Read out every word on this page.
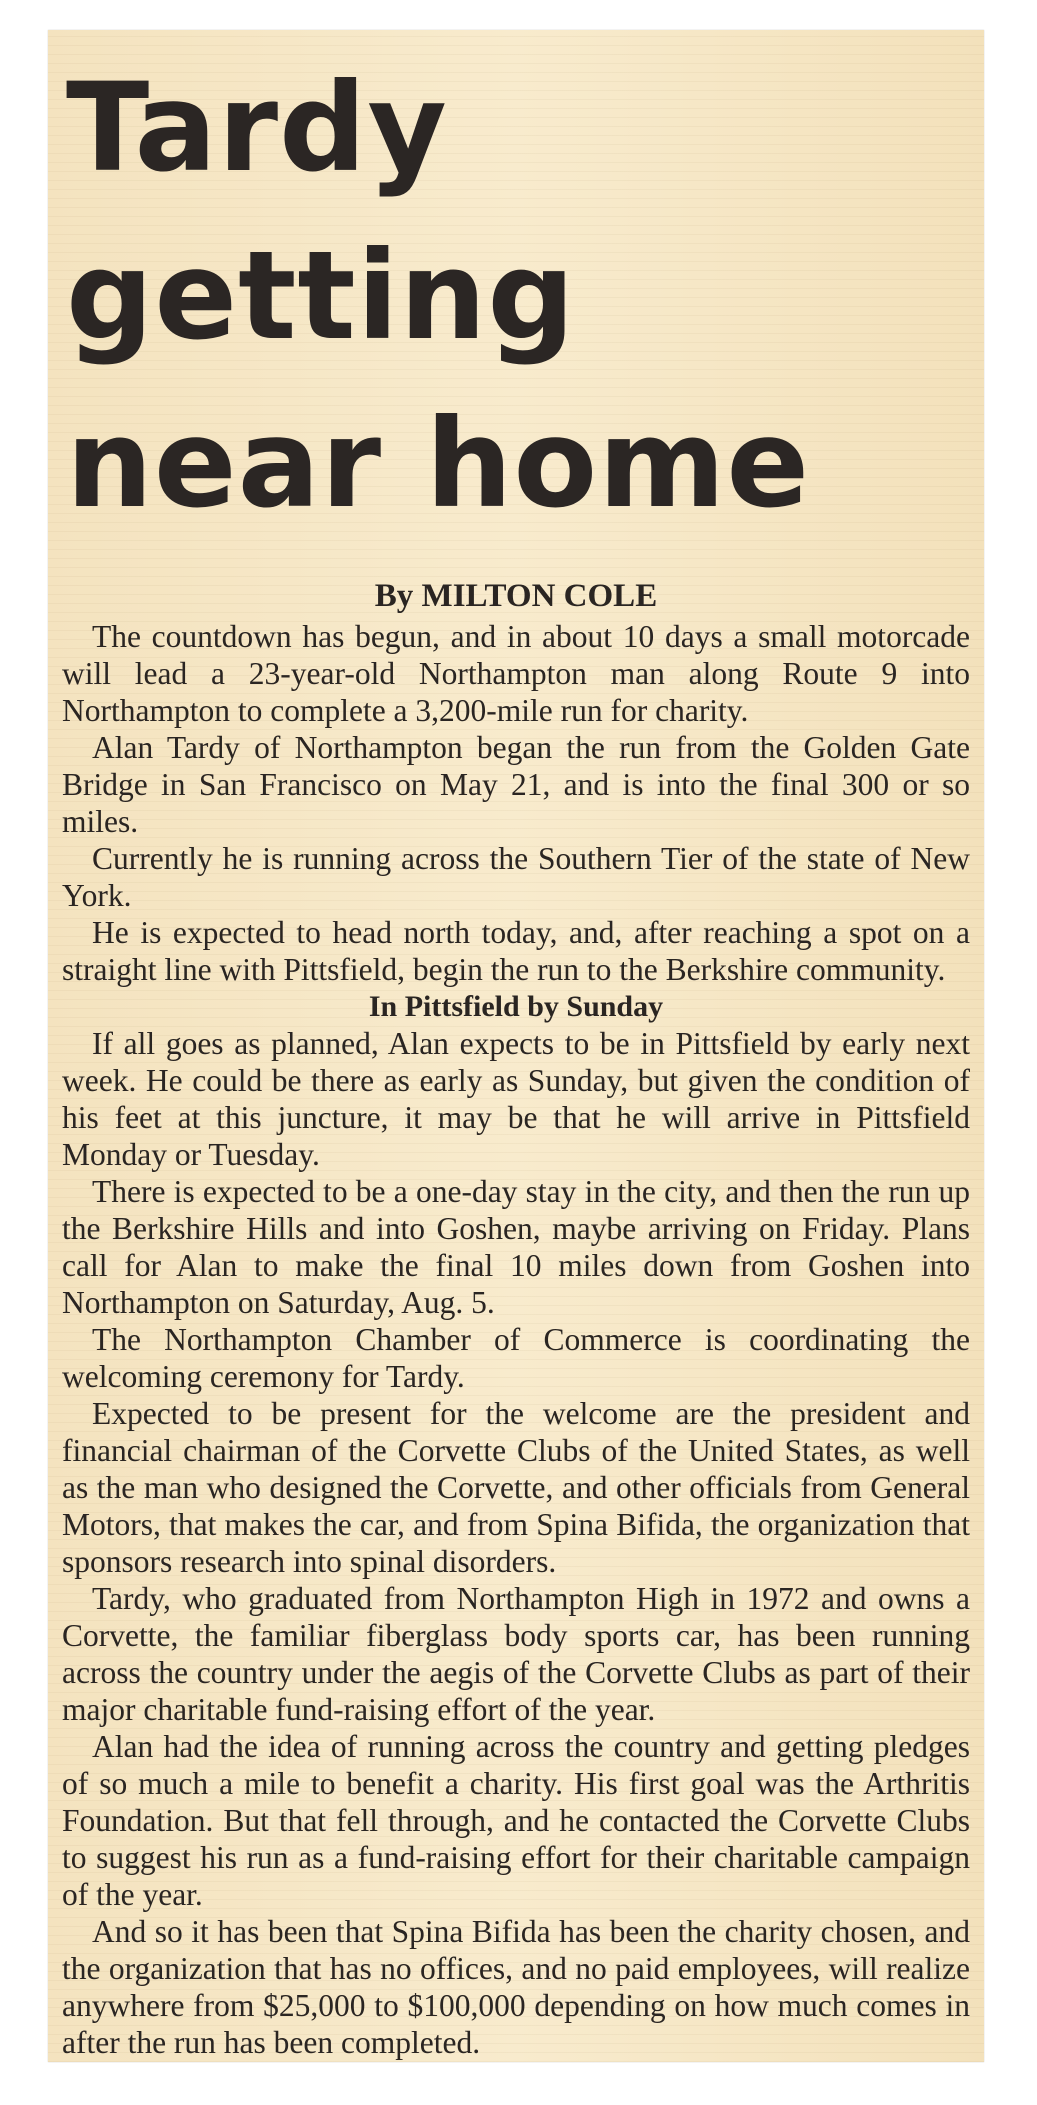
Tardy getting
near home
By MILTON COLE

The countdown has begun, and in about 10 days a small motorcade will lead a 23-year-old Northampton man along Route 9 into Northampton to complete a 3,200-mile run for charity.

Alan Tardy of Northampton began the run from the Golden Gate Bridge in San Francisco on May 21, and is into the final 300 or so miles.

Currently he is running across the Southern Tier of the state of New York.

He is expected to head north today, and, after reaching a spot on a straight line with Pittsfield, begin the run to the Berkshire community.

In Pittsfield by Sunday

If all goes as planned, Alan expects to be in Pittsfield by early next week. He could be there as early as Sunday, but given the condition of his feet at this juncture, it may be that he will arrive in Pittsfield Monday or Tuesday.

There is expected to be a one-day stay in the city, and then the run up the Berkshire Hills and into Goshen, maybe arriving on Friday. Plans call for Alan to make the final 10 miles down from Goshen into Northampton on Saturday, Aug. 5.

The Northampton Chamber of Commerce is coordinating the welcoming ceremony for Tardy.

Expected to be present for the welcome are the president and financial chairman of the Corvette Clubs of the United States, as well as the man who designed the Corvette, and other officials from General Motors, that makes the car, and from Spina Bifida, the organization that sponsors research into spinal disorders.

Tardy, who graduated from Northampton High in 1972 and owns a Corvette, the familiar fiberglass body sports car, has been running across the country under the aegis of the Corvette Clubs as part of their major charitable fund-raising effort of the year.

Alan had the idea of running across the country and getting pledges of so much a mile to benefit a charity. His first goal was the Arthritis Foundation. But that fell through, and he contacted the Corvette Clubs to suggest his run as a fund-raising effort for their charitable campaign of the year.

And so it has been that Spina Bifida has been the charity chosen, and the organization that has no offices, and no paid employees, will realize anywhere from $25,000 to $100,000 depending on how much comes in after the run has been completed.
